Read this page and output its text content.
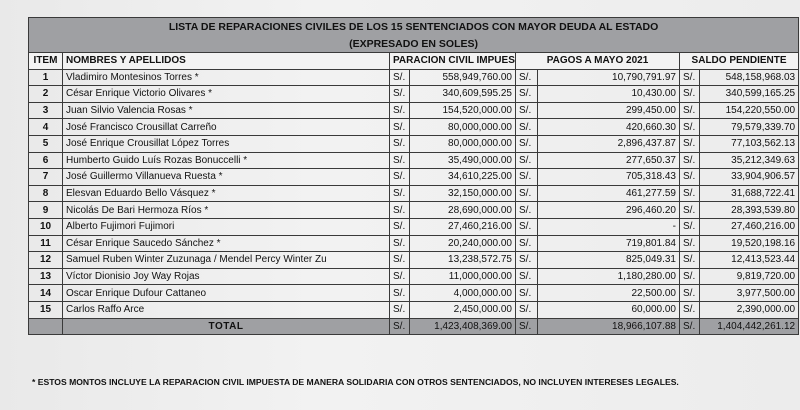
LISTA DE REPARACIONES CIVILES DE LOS 15 SENTENCIADOS CON MAYOR DEUDA AL ESTADO							
(EXPRESADO EN SOLES)							
ITEM	NOMBRES Y APELLIDOS	PARACION CIVIL IMPUES		PAGOS A MAYO 2021		SALDO PENDIENTE	
1	Vladimiro Montesinos Torres *	S/.	558,949,760.00	S/.	10,790,791.97	S/.	548,158,968.03
2	César Enrique Victorio Olivares *	S/.	340,609,595.25	S/.	10,430.00	S/.	340,599,165.25
3	Juan Silvio Valencia Rosas *	S/.	154,520,000.00	S/.	299,450.00	S/.	154,220,550.00
4	José Francisco Crousillat Carreño	S/.	80,000,000.00	S/.	420,660.30	S/.	79,579,339.70
5	José Enrique Crousillat López Torres	S/.	80,000,000.00	S/.	2,896,437.87	S/.	77,103,562.13
6	Humberto Guido Luís Rozas Bonuccelli *	S/.	35,490,000.00	S/.	277,650.37	S/.	35,212,349.63
7	José Guillermo Villanueva Ruesta *	S/.	34,610,225.00	S/.	705,318.43	S/.	33,904,906.57
8	Elesvan Eduardo Bello Vásquez *	S/.	32,150,000.00	S/.	461,277.59	S/.	31,688,722.41
9	Nicolás De Bari Hermoza Ríos *	S/.	28,690,000.00	S/.	296,460.20	S/.	28,393,539.80
10	Alberto Fujimori Fujimori	S/.	27,460,216.00	S/.	-	S/.	27,460,216.00
11	César Enrique Saucedo Sánchez *	S/.	20,240,000.00	S/.	719,801.84	S/.	19,520,198.16
12	Samuel Ruben Winter Zuzunaga / Mendel Percy Winter Zu	S/.	13,238,572.75	S/.	825,049.31	S/.	12,413,523.44
13	Víctor Dionisio Joy Way Rojas	S/.	11,000,000.00	S/.	1,180,280.00	S/.	9,819,720.00
14	Oscar Enrique Dufour Cattaneo	S/.	4,000,000.00	S/.	22,500.00	S/.	3,977,500.00
15	Carlos Raffo Arce	S/.	2,450,000.00	S/.	60,000.00	S/.	2,390,000.00
	TOTAL	S/.	1,423,408,369.00	S/.	18,966,107.88	S/.	1,404,442,261.12
* ESTOS MONTOS INCLUYE LA REPARACION CIVIL IMPUESTA DE MANERA SOLIDARIA CON OTROS SENTENCIADOS, NO INCLUYEN INTERESES LEGALES.
